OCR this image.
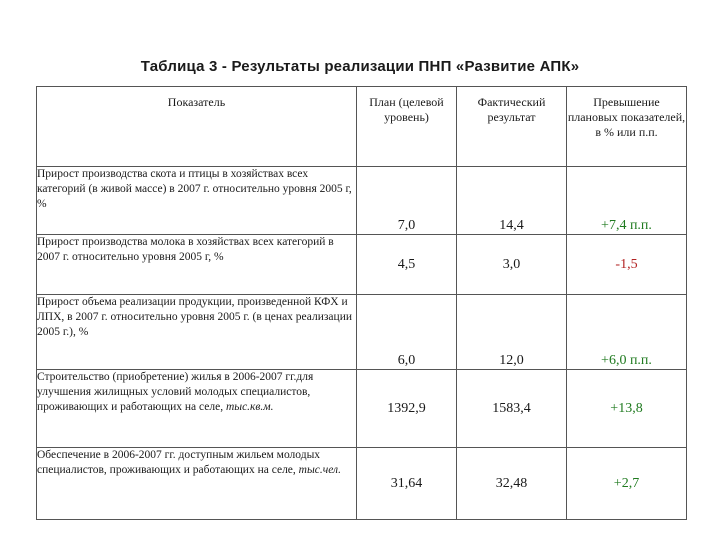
Таблица 3 - Результаты реализации ПНП «Развитие АПК»
Показатель	План (целевой уровень)	Фактический результат	Превышение плановых показателей, в % или п.п.
Прирост производства скота и птицы в хозяйствах всех категорий (в живой массе) в 2007 г. относительно уровня 2005 г, %	7,0	14,4	+7,4 п.п.
Прирост производства молока в хозяйствах всех категорий в 2007 г. относительно уровня 2005 г, %	4,5	3,0	-1,5
Прирост объема реализации продукции, произведенной КФХ и ЛПХ, в 2007 г. относительно уровня 2005 г. (в ценах реализации 2005 г.), %	6,0	12,0	+6,0 п.п.
Строительство (приобретение) жилья в 2006-2007 гг.для улучшения жилищных условий молодых специалистов, проживающих и работающих на селе, тыс.кв.м.	1392,9	1583,4	+13,8
Обеспечение в 2006-2007 гг. доступным жильем молодых специалистов, проживающих и работающих на селе, тыс.чел.	31,64	32,48	+2,7
